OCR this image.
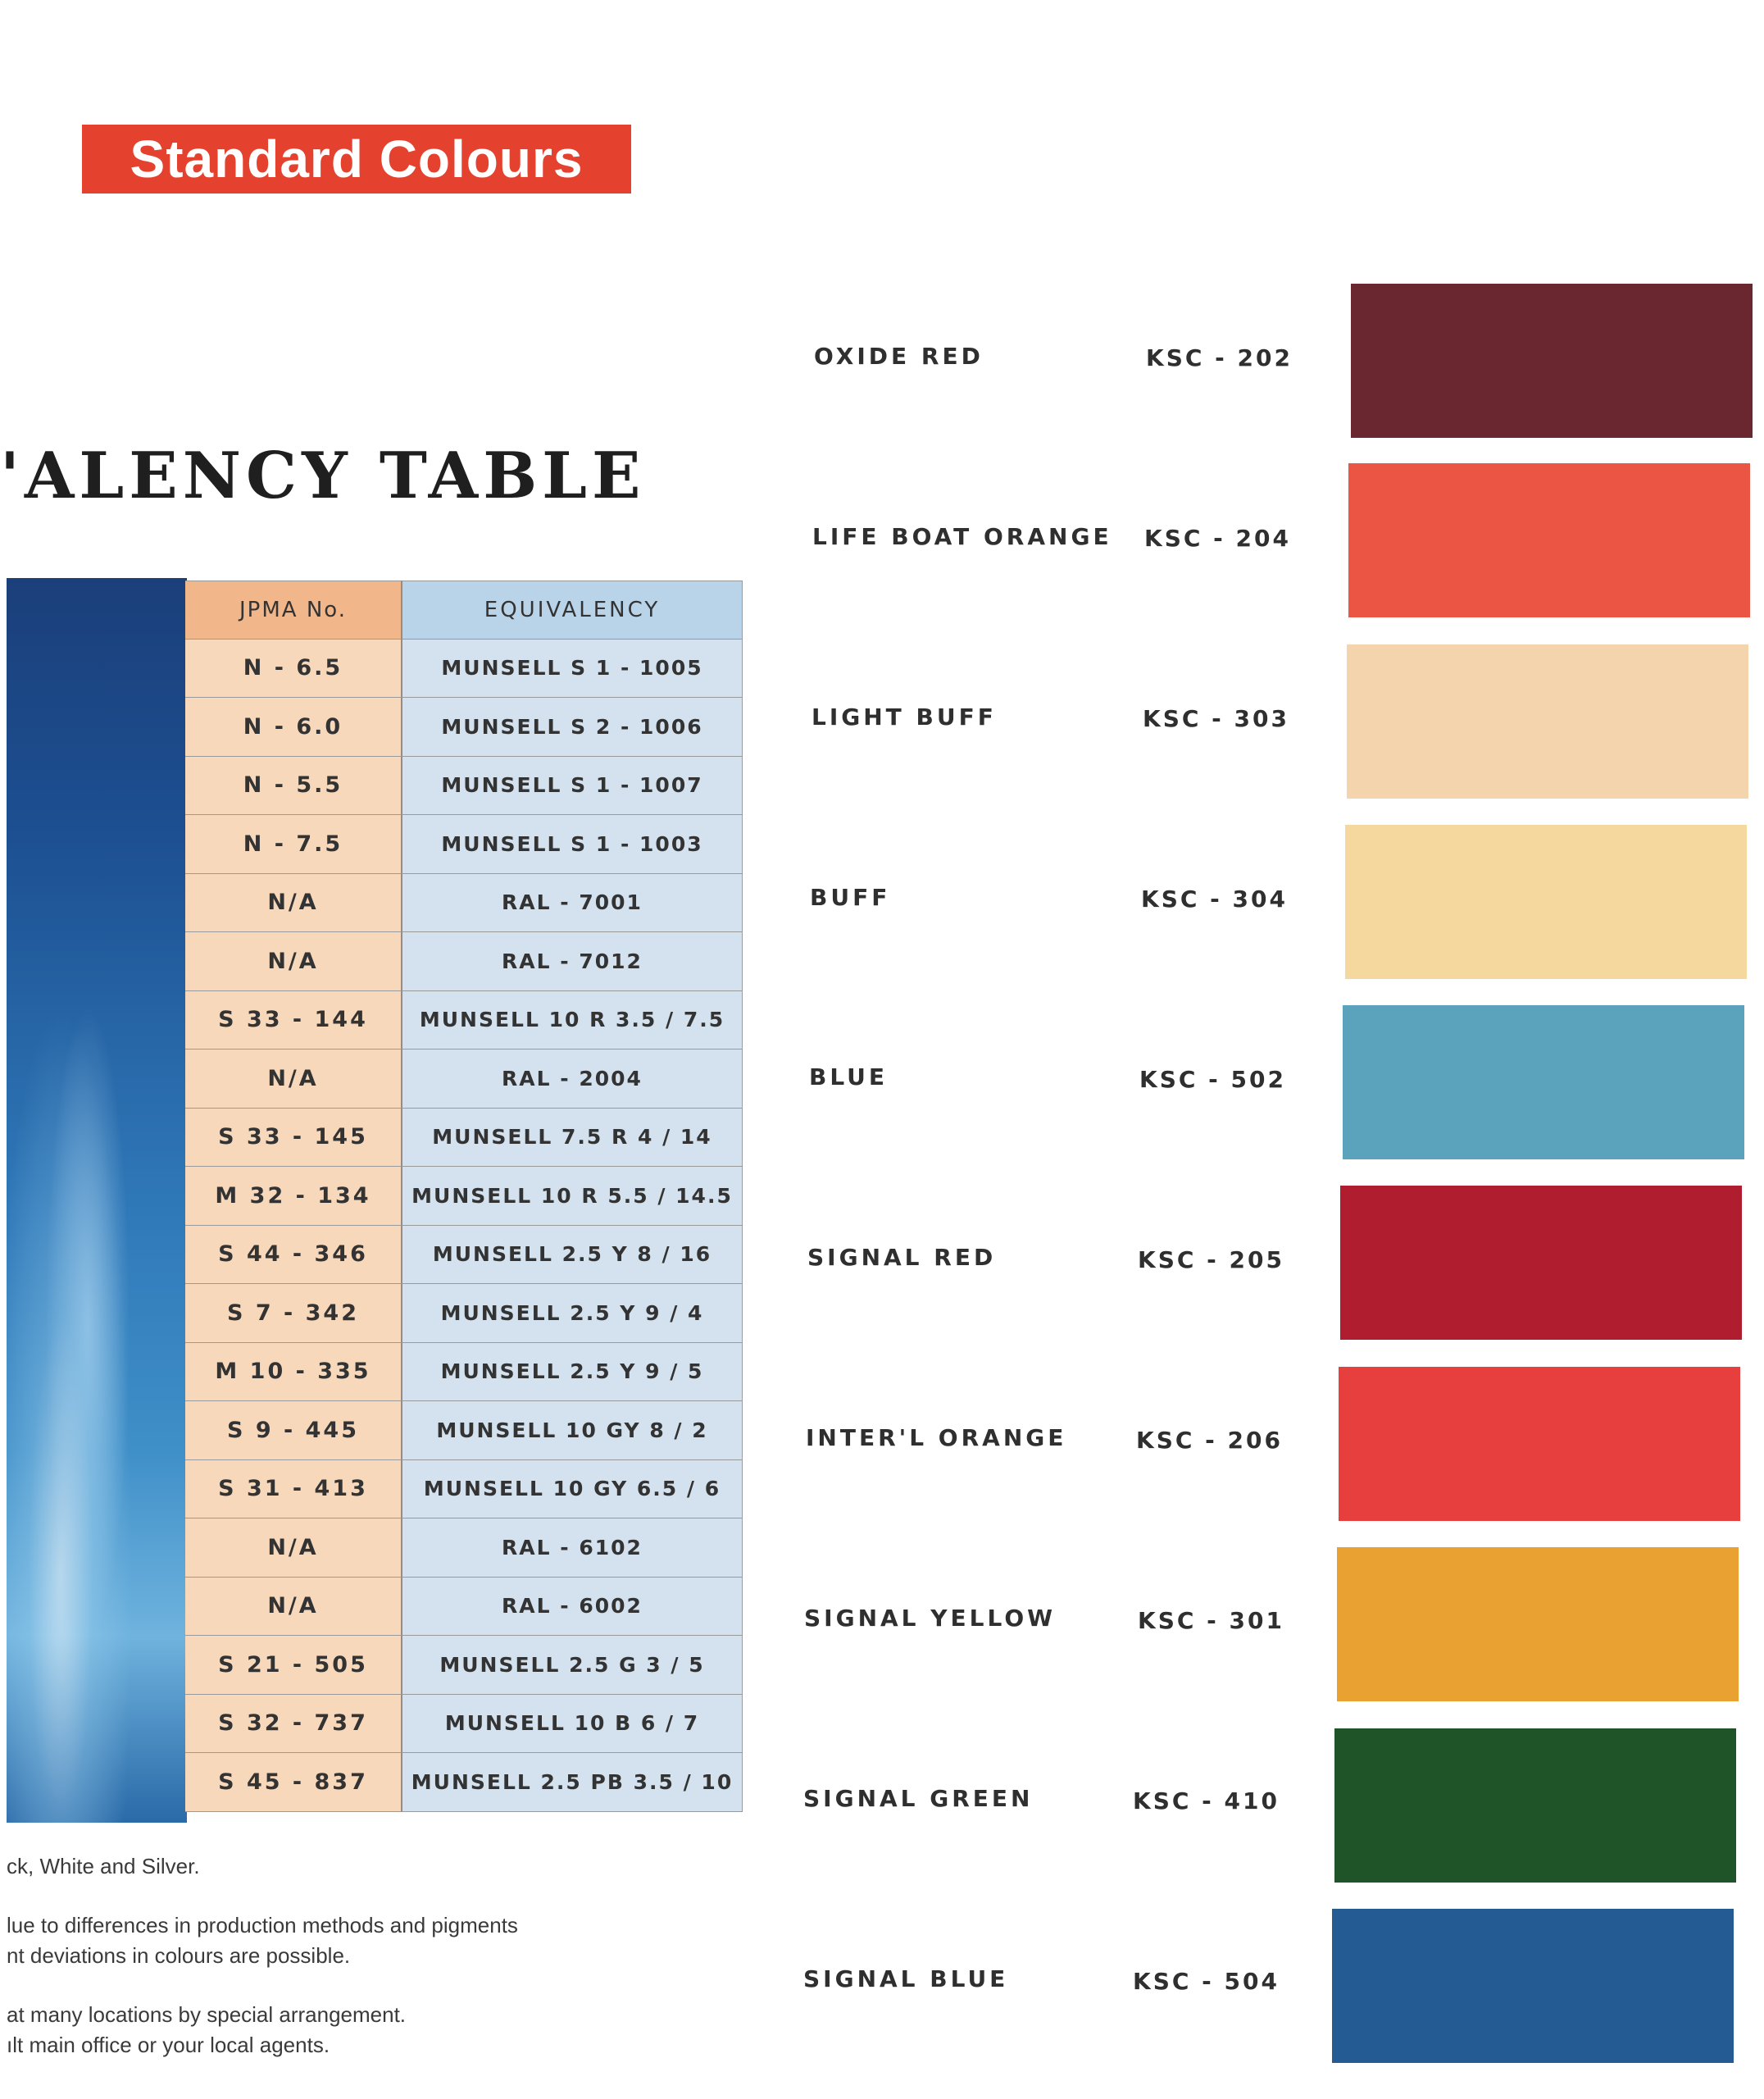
Standard Colours
'ALENCY TABLE
JPMA No.	EQUIVALENCY
N - 6.5	MUNSELL S 1 - 1005
N - 6.0	MUNSELL S 2 - 1006
N - 5.5	MUNSELL S 1 - 1007
N - 7.5	MUNSELL S 1 - 1003
N/A	RAL - 7001
N/A	RAL - 7012
S 33 - 144	MUNSELL 10 R 3.5 / 7.5
N/A	RAL - 2004
S 33 - 145	MUNSELL 7.5 R 4 / 14
M 32 - 134	MUNSELL 10 R 5.5 / 14.5
S 44 - 346	MUNSELL 2.5 Y 8 / 16
S 7 - 342	MUNSELL 2.5 Y 9 / 4
M 10 - 335	MUNSELL 2.5 Y 9 / 5
S 9 - 445	MUNSELL 10 GY 8 / 2
S 31 - 413	MUNSELL 10 GY 6.5 / 6
N/A	RAL - 6102
N/A	RAL - 6002
S 21 - 505	MUNSELL 2.5 G 3 / 5
S 32 - 737	MUNSELL 10 B 6 / 7
S 45 - 837	MUNSELL 2.5 PB 3.5 / 10

ck, White and Silver.

lue to differences in production methods and pigments

nt deviations in colours are possible.

at many locations by special arrangement.

ılt main office or your local agents.

OXIDE RED	KSC - 202
LIFE BOAT ORANGE KSC - 204
LIGHT BUFF	KSC - 303
BUFF	KSC - 304
BLUE	KSC - 502
SIGNAL RED	KSC - 205
INTER'L ORANGE	KSC - 206
SIGNAL YELLOW	KSC - 301
SIGNAL GREEN	KSC - 410
SIGNAL BLUE	KSC - 504
